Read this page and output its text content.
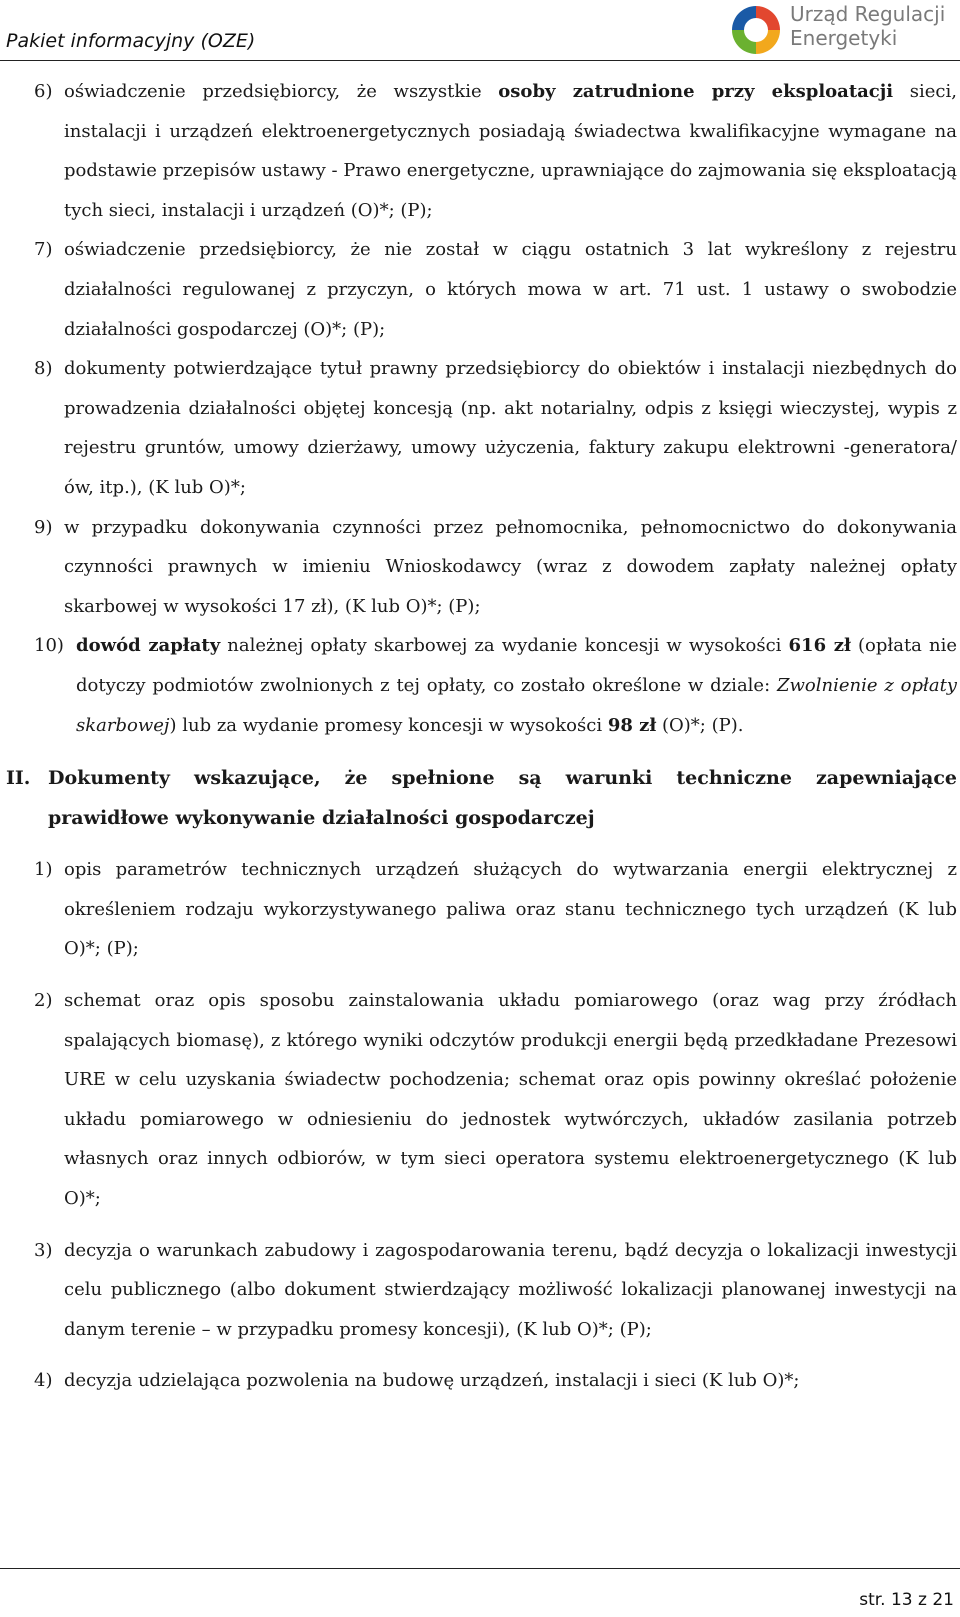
Pakiet informacyjny (OZE)
Urząd Regulacji
Energetyki
6) oświadczenie przedsiębiorcy, że wszystkie osoby zatrudnione przy eksploatacji sieci, instalacji i urządzeń elektroenergetycznych posiadają świadectwa kwalifikacyjne wymagane na podstawie przepisów ustawy - Prawo energetyczne, uprawniające do zajmowania się eksploatacją tych sieci, instalacji i urządzeń (O)*; (P);

7) oświadczenie przedsiębiorcy, że nie został w ciągu ostatnich 3 lat wykreślony z rejestru działalności regulowanej z przyczyn, o których mowa w art. 71 ust. 1 ustawy o swobodzie działalności gospodarczej (O)*; (P);

8) dokumenty potwierdzające tytuł prawny przedsiębiorcy do obiektów i instalacji niezbędnych do prowadzenia działalności objętej koncesją (np. akt notarialny, odpis z księgi wieczystej, wypis z rejestru gruntów, umowy dzierżawy, umowy użyczenia, faktury zakupu elektrowni -generatora/ ów, itp.), (K lub O)*;

9) w przypadku dokonywania czynności przez pełnomocnika, pełnomocnictwo do dokonywania czynności prawnych w imieniu Wnioskodawcy (wraz z dowodem zapłaty należnej opłaty skarbowej w wysokości 17 zł), (K lub O)*; (P);

10) dowód zapłaty należnej opłaty skarbowej za wydanie koncesji w wysokości 616 zł (opłata nie dotyczy podmiotów zwolnionych z tej opłaty, co zostało określone w dziale: Zwolnienie z opłaty skarbowej) lub za wydanie promesy koncesji w wysokości 98 zł (O)*; (P).

II. Dokumenty wskazujące, że spełnione są warunki techniczne zapewniające prawidłowe wykonywanie działalności gospodarczej

1) opis parametrów technicznych urządzeń służących do wytwarzania energii elektrycznej z określeniem rodzaju wykorzystywanego paliwa oraz stanu technicznego tych urządzeń (K lub O)*; (P);

2) schemat oraz opis sposobu zainstalowania układu pomiarowego (oraz wag przy źródłach spalających biomasę), z którego wyniki odczytów produkcji energii będą przedkładane Prezesowi URE w celu uzyskania świadectw pochodzenia; schemat oraz opis powinny określać położenie układu pomiarowego w odniesieniu do jednostek wytwórczych, układów zasilania potrzeb własnych oraz innych odbiorów, w tym sieci operatora systemu elektroenergetycznego (K lub O)*;

3) decyzja o warunkach zabudowy i zagospodarowania terenu, bądź decyzja o lokalizacji inwestycji celu publicznego (albo dokument stwierdzający możliwość lokalizacji planowanej inwestycji na danym terenie – w przypadku promesy koncesji), (K lub O)*; (P);

4) decyzja udzielająca pozwolenia na budowę urządzeń, instalacji i sieci (K lub O)*;

str. 13 z 21
